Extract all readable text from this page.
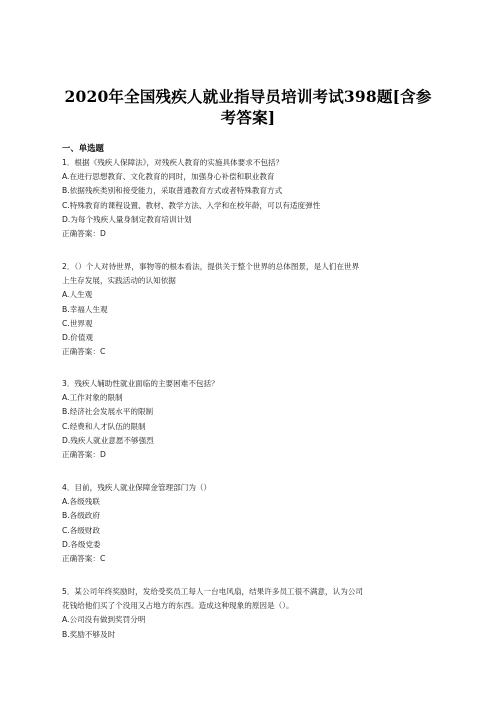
2020年全国残疾人就业指导员培训考试398题[含参
考答案]
一、单选题
1．根据《残疾人保障法》，对残疾人教育的实施具体要求不包括？
A.在进行思想教育、文化教育的同时，加强身心补偿和职业教育
B.依据残疾类别和接受能力，采取普通教育方式或者特殊教育方式
C.特殊教育的课程设置、教材、教学方法、入学和在校年龄，可以有适度弹性
D.为每个残疾人量身制定教育培训计划
正确答案：D
2．（）个人对待世界，事物等的根本看法，提供关于整个世界的总体图景，是人们在世界
上生存发展，实践活动的认知依据
A.人生观
B.幸福人生观
C.世界观
D.价值观
正确答案：C
3．残疾人辅助性就业面临的主要困难不包括？
A.工作对象的限制
B.经济社会发展水平的限制
C.经费和人才队伍的限制
D.残疾人就业意愿不够强烈
正确答案：D
4．目前，残疾人就业保障金管理部门为（）
A.各级残联
B.各级政府
C.各级财政
D.各级党委
正确答案：C
5．某公司年终奖励时，发给受奖员工每人一台电风扇，结果许多员工很不满意，认为公司
花钱给他们买了个没用又占地方的东西。造成这种现象的原因是（）。
A.公司没有做到奖罚分明
B.奖励不够及时
